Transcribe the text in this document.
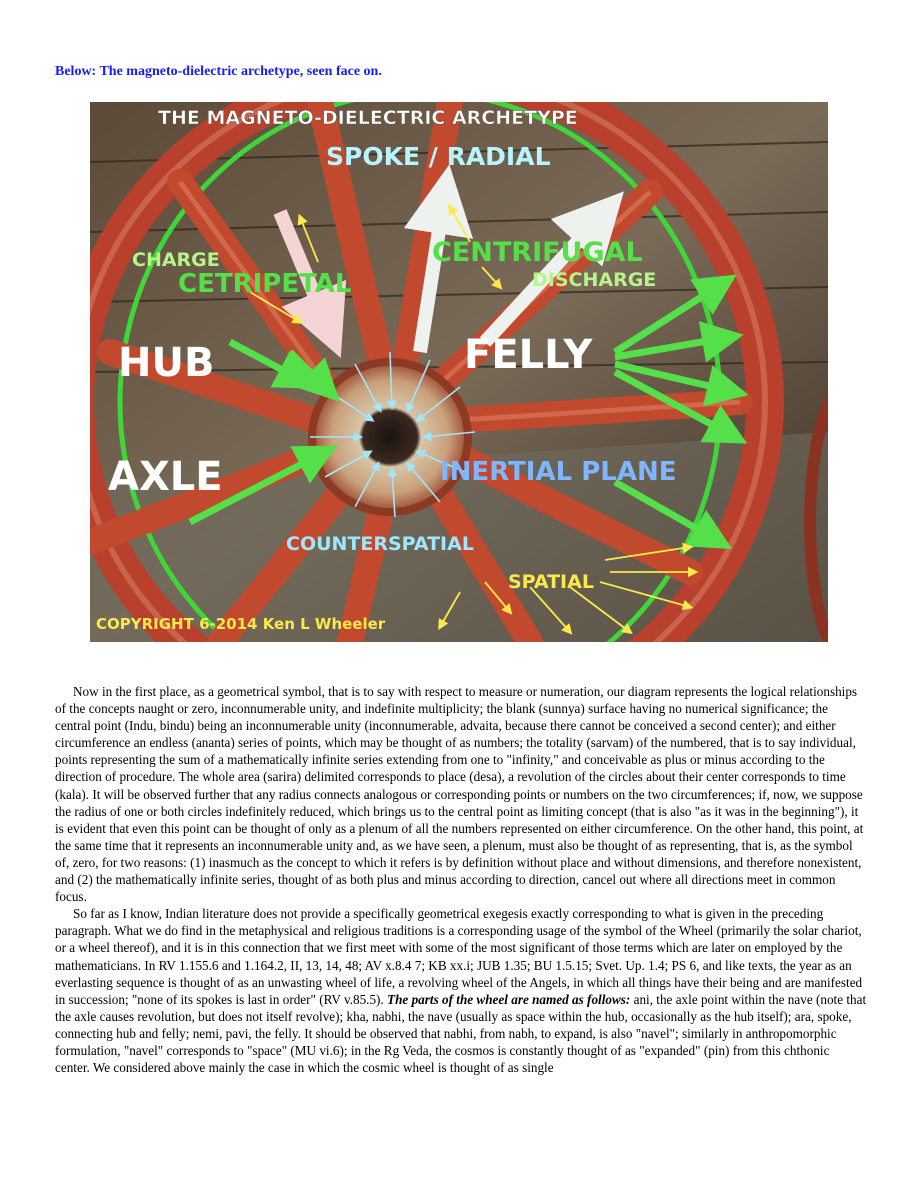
Below: The magneto-dielectric archetype, seen face on.
THE MAGNETO-DIELECTRIC ARCHETYPE
SPOKE / RADIAL
CHARGE
CETRIPETAL
CENTRIFUGAL
DISCHARGE
HUB	FELLY
AXLE	INERTIAL PLANE
COUNTERSPATIAL
SPATIAL
COPYRIGHT 6-2014 Ken L Wheeler

Now in the first place, as a geometrical symbol, that is to say with respect to measure or numeration, our diagram represents the logical relationships of the concepts naught or zero, inconnumerable unity, and indefinite multiplicity; the blank (sunnya) surface having no numerical significance; the central point (Indu, bindu) being an inconnumerable unity (inconnumerable, advaita, because there cannot be conceived a second center); and either circumference an endless (ananta) series of points, which may be thought of as numbers; the totality (sarvam) of the numbered, that is to say individual, points representing the sum of a mathematically infinite series extending from one to "infinity," and conceivable as plus or minus according to the direction of procedure. The whole area (sarira) delimited corresponds to place (desa), a revolution of the circles about their center corresponds to time (kala). It will be observed further that any radius connects analogous or corresponding points or numbers on the two circumferences; if, now, we suppose the radius of one or both circles indefinitely reduced, which brings us to the central point as limiting concept (that is also "as it was in the beginning"), it is evident that even this point can be thought of only as a plenum of all the numbers represented on either circumference. On the other hand, this point, at the same time that it represents an inconnumerable unity and, as we have seen, a plenum, must also be thought of as representing, that is, as the symbol of, zero, for two reasons: (1) inasmuch as the concept to which it refers is by definition without place and without dimensions, and therefore nonexistent, and (2) the mathematically infinite series, thought of as both plus and minus according to direction, cancel out where all directions meet in common focus.

So far as I know, Indian literature does not provide a specifically geometrical exegesis exactly corresponding to what is given in the preceding paragraph. What we do find in the metaphysical and religious traditions is a corresponding usage of the symbol of the Wheel (primarily the solar chariot, or a wheel thereof), and it is in this connection that we first meet with some of the most significant of those terms which are later on employed by the mathematicians. In RV 1.155.6 and 1.164.2, II, 13, 14, 48; AV x.8.4 7; KB xx.i; JUB 1.35; BU 1.5.15; Svet. Up. 1.4; PS 6, and like texts, the year as an everlasting sequence is thought of as an unwasting wheel of life, a revolving wheel of the Angels, in which all things have their being and are manifested in succession; "none of its spokes is last in order" (RV v.85.5). The parts of the wheel are named as follows: ani, the axle point within the nave (note that the axle causes revolution, but does not itself revolve); kha, nabhi, the nave (usually as space within the hub, occasionally as the hub itself); ara, spoke, connecting hub and felly; nemi, pavi, the felly. It should be observed that nabhi, from nabh, to expand, is also "navel"; similarly in anthropomorphic formulation, "navel" corresponds to "space" (MU vi.6); in the Rg Veda, the cosmos is constantly thought of as "expanded" (pin) from this chthonic center. We considered above mainly the case in which the cosmic wheel is thought of as single
